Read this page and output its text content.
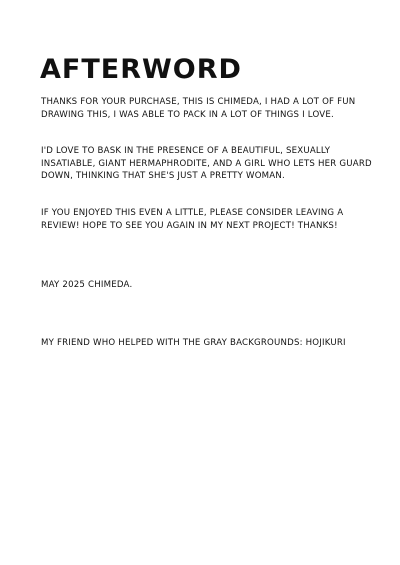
AFTERWORD

THANKS FOR YOUR PURCHASE, THIS IS CHIMEDA, I HAD A LOT OF FUN DRAWING THIS, I WAS ABLE TO PACK IN A LOT OF THINGS I LOVE.

I'D LOVE TO BASK IN THE PRESENCE OF A BEAUTIFUL, SEXUALLY INSATIABLE, GIANT HERMAPHRODITE, AND A GIRL WHO LETS HER GUARD DOWN, THINKING THAT SHE'S JUST A PRETTY WOMAN.

IF YOU ENJOYED THIS EVEN A LITTLE, PLEASE CONSIDER LEAVING A REVIEW! HOPE TO SEE YOU AGAIN IN MY NEXT PROJECT! THANKS!

MAY 2025 CHIMEDA.

MY FRIEND WHO HELPED WITH THE GRAY BACKGROUNDS: HOJIKURI
